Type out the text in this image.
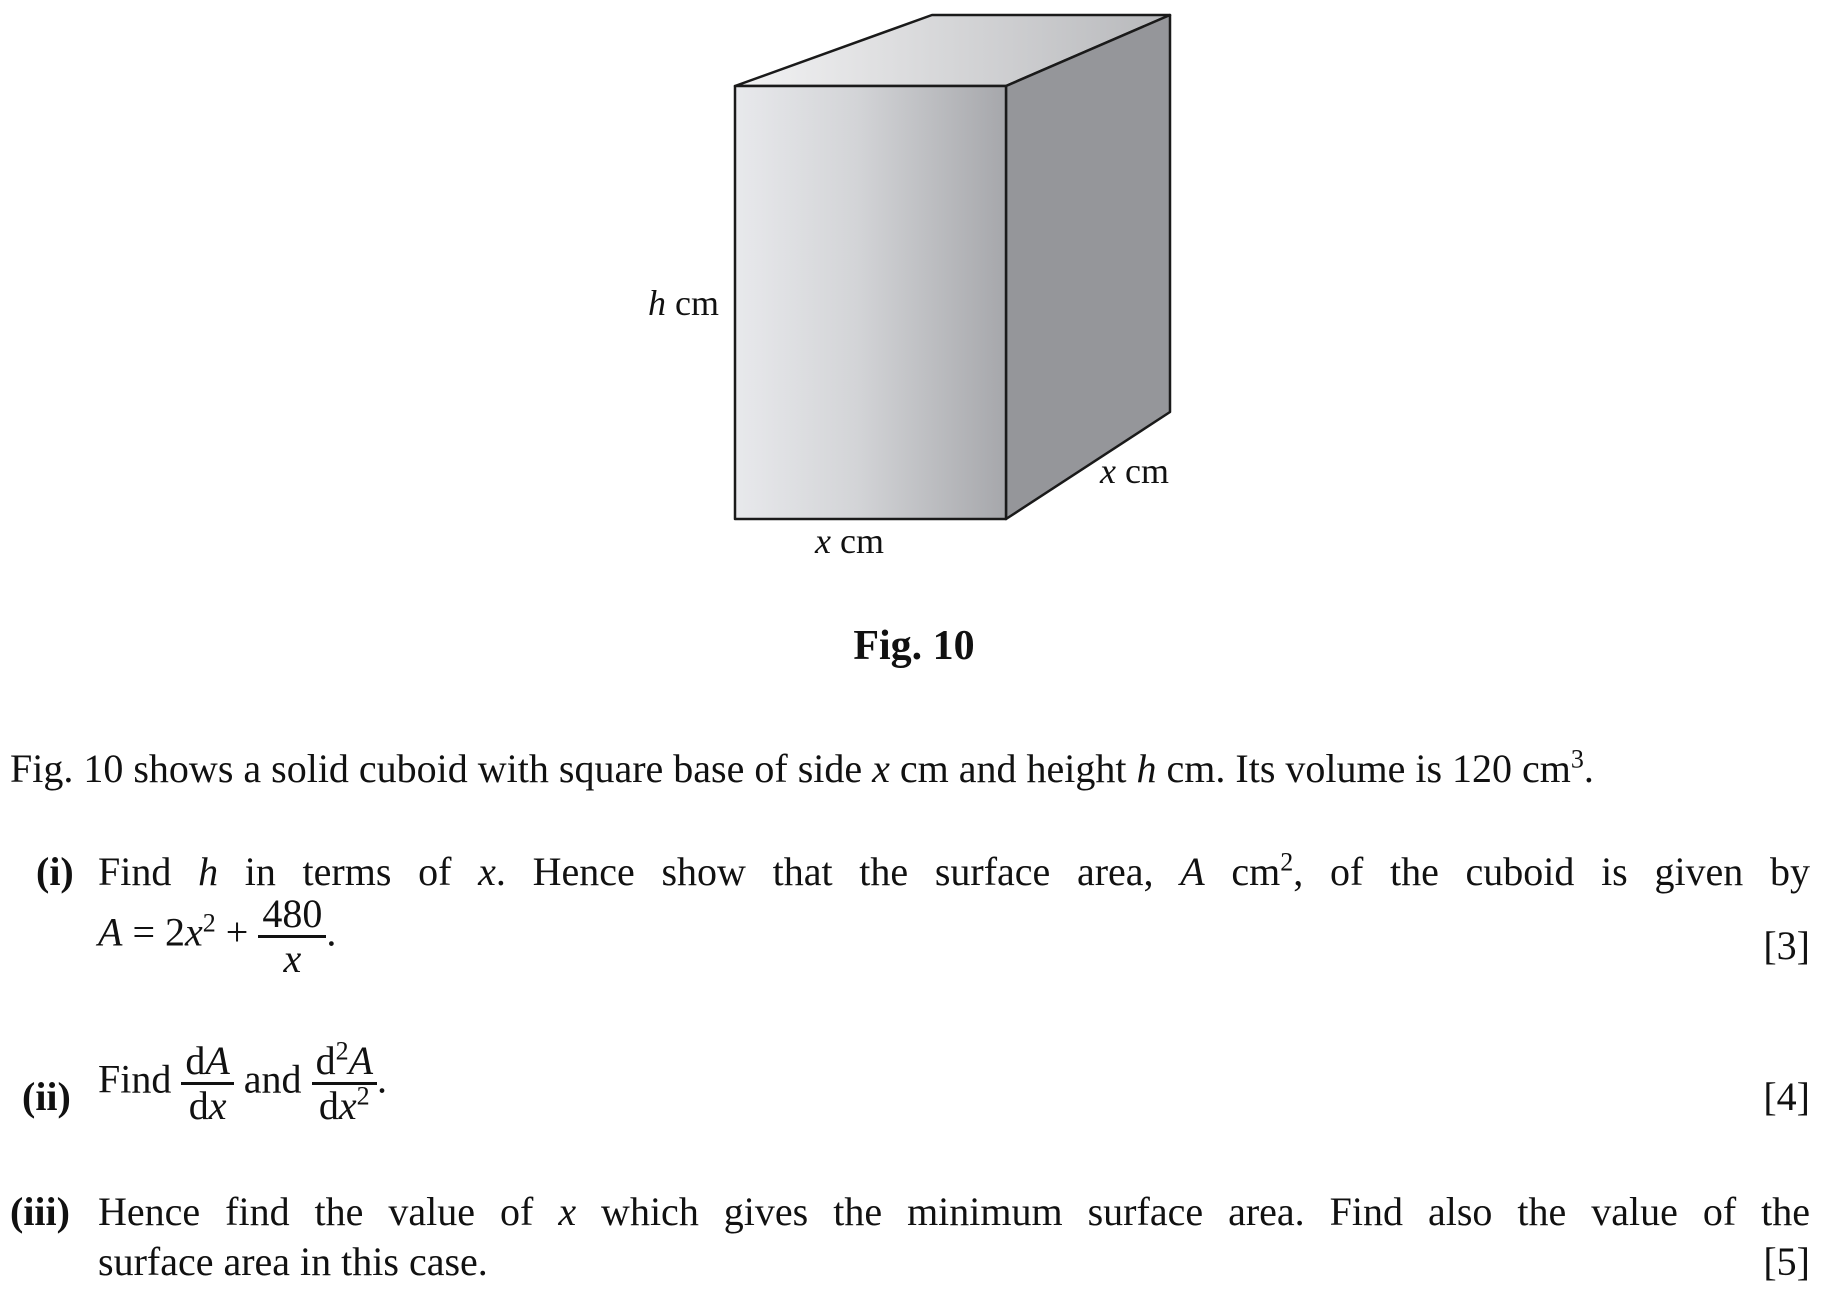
h cm
x cm
x cm
Fig. 10
Fig. 10 shows a solid cuboid with square base of side x cm and height h cm. Its volume is 120 $cm^3$.
(i) Find h in terms of x. Hence show that the surface area, A $cm^2$, of the cuboid is given by
$A = 2x^2 + \frac{480}{x}$ .	[3]
(ii) Find $\frac{dA}{dx}$ and $\frac{d^2A}{dx^2}$ .	[4]
(iii) Hence find the value of x which gives the minimum surface area. Find also the value of the
surface area in this case.	[5]
